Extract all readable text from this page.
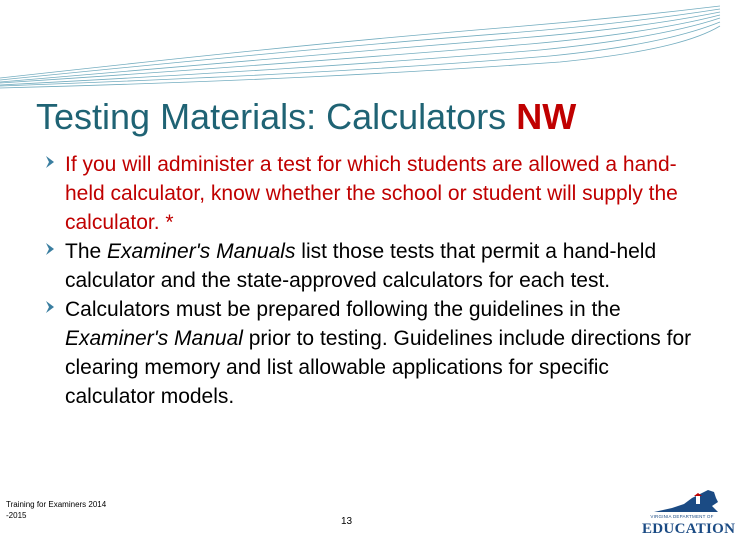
Testing Materials: Calculators NW
If you will administer a test for which students are allowed a hand-held calculator, know whether the school or student will supply the calculator. *
The Examiner's Manuals list those tests that permit a hand-held calculator and the state-approved calculators for each test.
Calculators must be prepared following the guidelines in the Examiner's Manual prior to testing. Guidelines include directions for clearing memory and list allowable applications for specific calculator models.
Training for Examiners 2014
-2015
13	VIRGINIA DEPARTMENT OF
EDUCATION
